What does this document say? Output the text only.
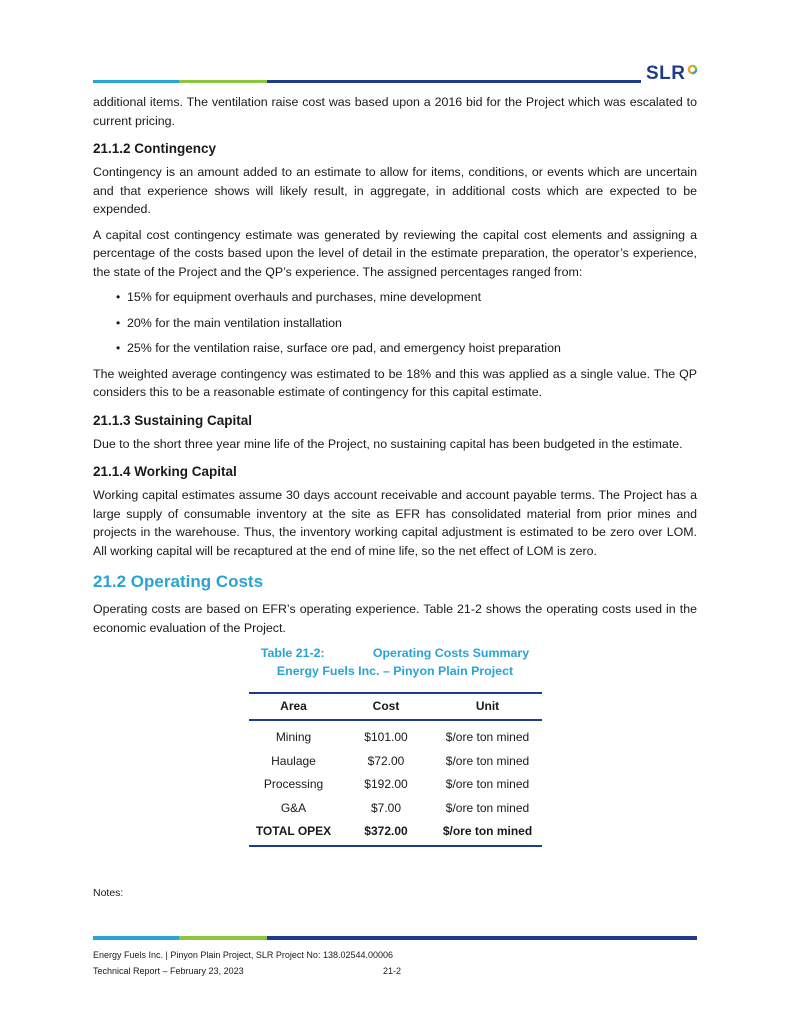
SLR

additional items. The ventilation raise cost was based upon a 2016 bid for the Project which was escalated to current pricing.

21.1.2 Contingency

Contingency is an amount added to an estimate to allow for items, conditions, or events which are uncertain and that experience shows will likely result, in aggregate, in additional costs which are expected to be expended.

A capital cost contingency estimate was generated by reviewing the capital cost elements and assigning a percentage of the costs based upon the level of detail in the estimate preparation, the operator’s experience, the state of the Project and the QP’s experience. The assigned percentages ranged from:

• 15% for equipment overhauls and purchases, mine development
• 20% for the main ventilation installation
• 25% for the ventilation raise, surface ore pad, and emergency hoist preparation

The weighted average contingency was estimated to be 18% and this was applied as a single value. The QP considers this to be a reasonable estimate of contingency for this capital estimate.

21.1.3 Sustaining Capital

Due to the short three year mine life of the Project, no sustaining capital has been budgeted in the estimate.

21.1.4 Working Capital

Working capital estimates assume 30 days account receivable and account payable terms. The Project has a large supply of consumable inventory at the site as EFR has consolidated material from prior mines and projects in the warehouse. Thus, the inventory working capital adjustment is estimated to be zero over LOM. All working capital will be recaptured at the end of mine life, so the net effect of LOM is zero.

21.2 Operating Costs

Operating costs are based on EFR’s operating experience. Table 21-2 shows the operating costs used in the economic evaluation of the Project.

Table 21-2:	Operating Costs Summary
Energy Fuels Inc. – Pinyon Plain Project
Area	Cost	Unit
Mining	$101.00	$/ore ton mined
Haulage	$72.00	$/ore ton mined
Processing	$192.00	$/ore ton mined
G&A	$7.00	$/ore ton mined
TOTAL OPEX	$372.00	$/ore ton mined
Notes:
Energy Fuels Inc. | Pinyon Plain Project, SLR Project No: 138.02544.00006
Technical Report – February 23, 2023	21-2
